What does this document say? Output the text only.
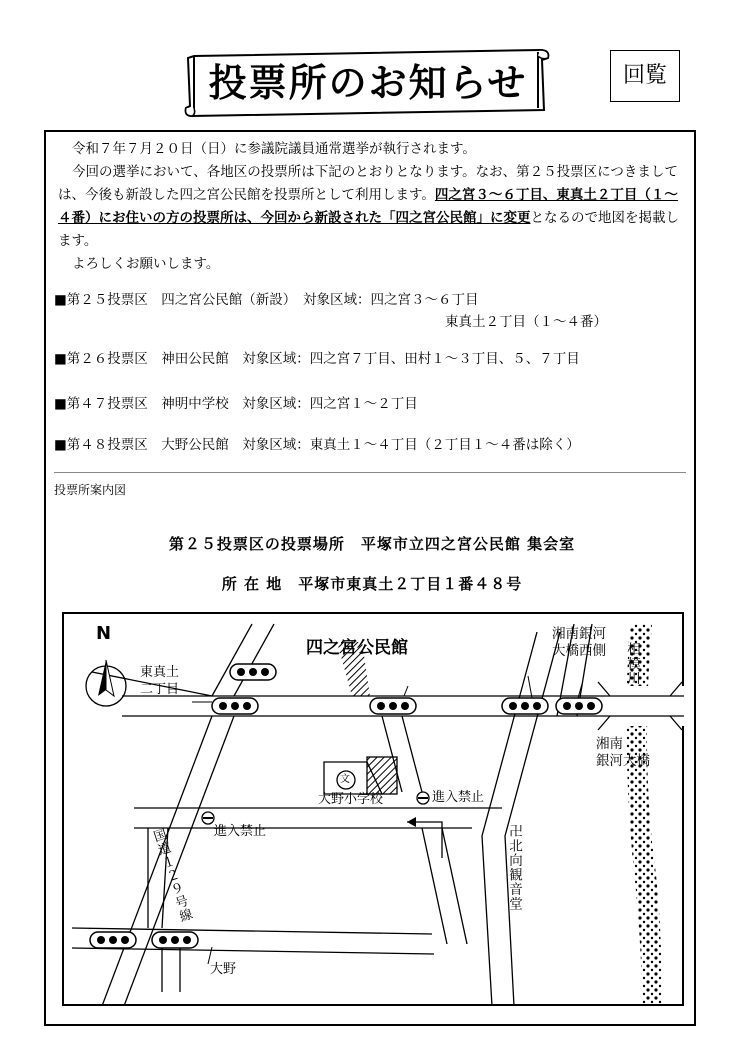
投票所のお知らせ	回覧

令和７年７月２０日（日）に参議院議員通常選挙が執行されます。

今回の選挙において、各地区の投票所は下記のとおりとなります。なお、第２５投票区につきましては、今後も新設した四之宮公民館を投票所として利用します。四之宮３〜６丁目、東真土２丁目（１〜４番）にお住いの方の投票所は、今回から新設された「四之宮公民館」に変更となるので地図を掲載します。

よろしくお願いします。

■第２５投票区　四之宮公民館（新設）　対象区域：四之宮３〜６丁目
東真土２丁目（１〜４番）
■第２６投票区　神田公民館　対象区域：四之宮７丁目、田村１〜３丁目、５、７丁目
■第４７投票区　神明中学校　対象区域：四之宮１〜２丁目
■第４８投票区　大野公民館　対象区域：東真土１〜４丁目（２丁目１〜４番は除く）
投票所案内図
第２５投票区の投票場所　平塚市立四之宮公民館 集会室
所 在 地　平塚市東真土２丁目１番４８号
N
四之宮公民館
東真土
二丁目
湘南銀河
大橋西側 相模川
湘南
銀河大橋
文
大野小学校	進入禁止
進入禁止	卍北向観音堂
国道１２９号線
大野
